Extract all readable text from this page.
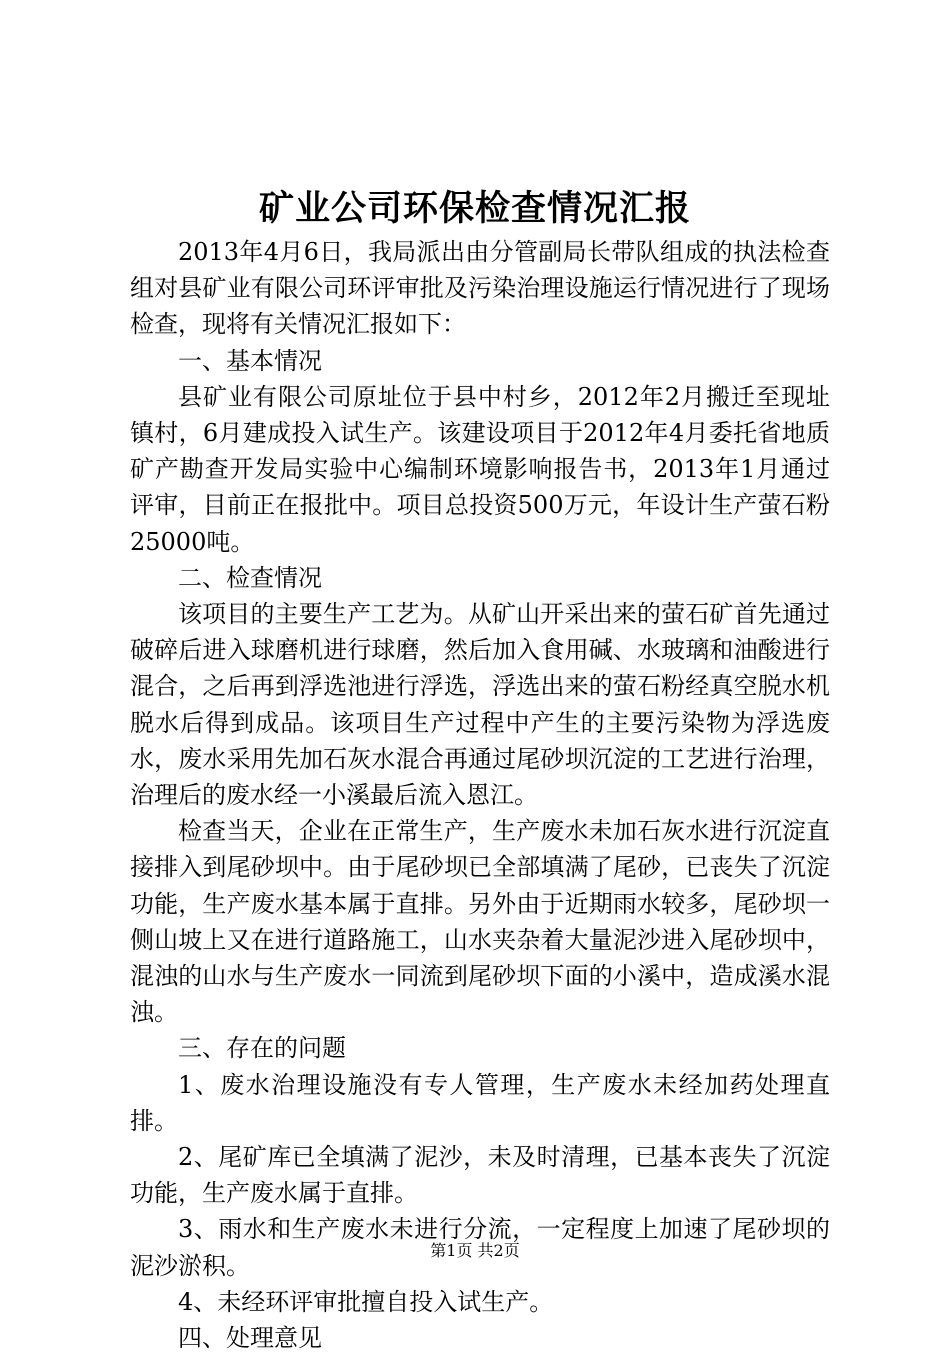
矿业公司环保检查情况汇报

2013年4月6日，我局派出由分管副局长带队组成的执法检查组对县矿业有限公司环评审批及污染治理设施运行情况进行了现场检查，现将有关情况汇报如下：

一、基本情况

县矿业有限公司原址位于县中村乡，2012年2月搬迁至现址镇村，6月建成投入试生产。该建设项目于2012年4月委托省地质矿产勘查开发局实验中心编制环境影响报告书，2013年1月通过评审，目前正在报批中。项目总投资500万元，年设计生产萤石粉25000吨。

二、检查情况

该项目的主要生产工艺为。从矿山开采出来的萤石矿首先通过破碎后进入球磨机进行球磨，然后加入食用碱、水玻璃和油酸进行混合，之后再到浮选池进行浮选，浮选出来的萤石粉经真空脱水机脱水后得到成品。该项目生产过程中产生的主要污染物为浮选废水，废水采用先加石灰水混合再通过尾砂坝沉淀的工艺进行治理，治理后的废水经一小溪最后流入恩江。

检查当天，企业在正常生产，生产废水未加石灰水进行沉淀直接排入到尾砂坝中。由于尾砂坝已全部填满了尾砂，已丧失了沉淀功能，生产废水基本属于直排。另外由于近期雨水较多，尾砂坝一侧山坡上又在进行道路施工，山水夹杂着大量泥沙进入尾砂坝中，混浊的山水与生产废水一同流到尾砂坝下面的小溪中，造成溪水混浊。

三、存在的问题

1、废水治理设施没有专人管理，生产废水未经加药处理直排。

2、尾矿库已全填满了泥沙，未及时清理，已基本丧失了沉淀功能，生产废水属于直排。

3、雨水和生产废水未进行分流，一定程度上加速了尾砂坝的泥沙淤积。

4、未经环评审批擅自投入试生产。

四、处理意见

第1页 共2页
